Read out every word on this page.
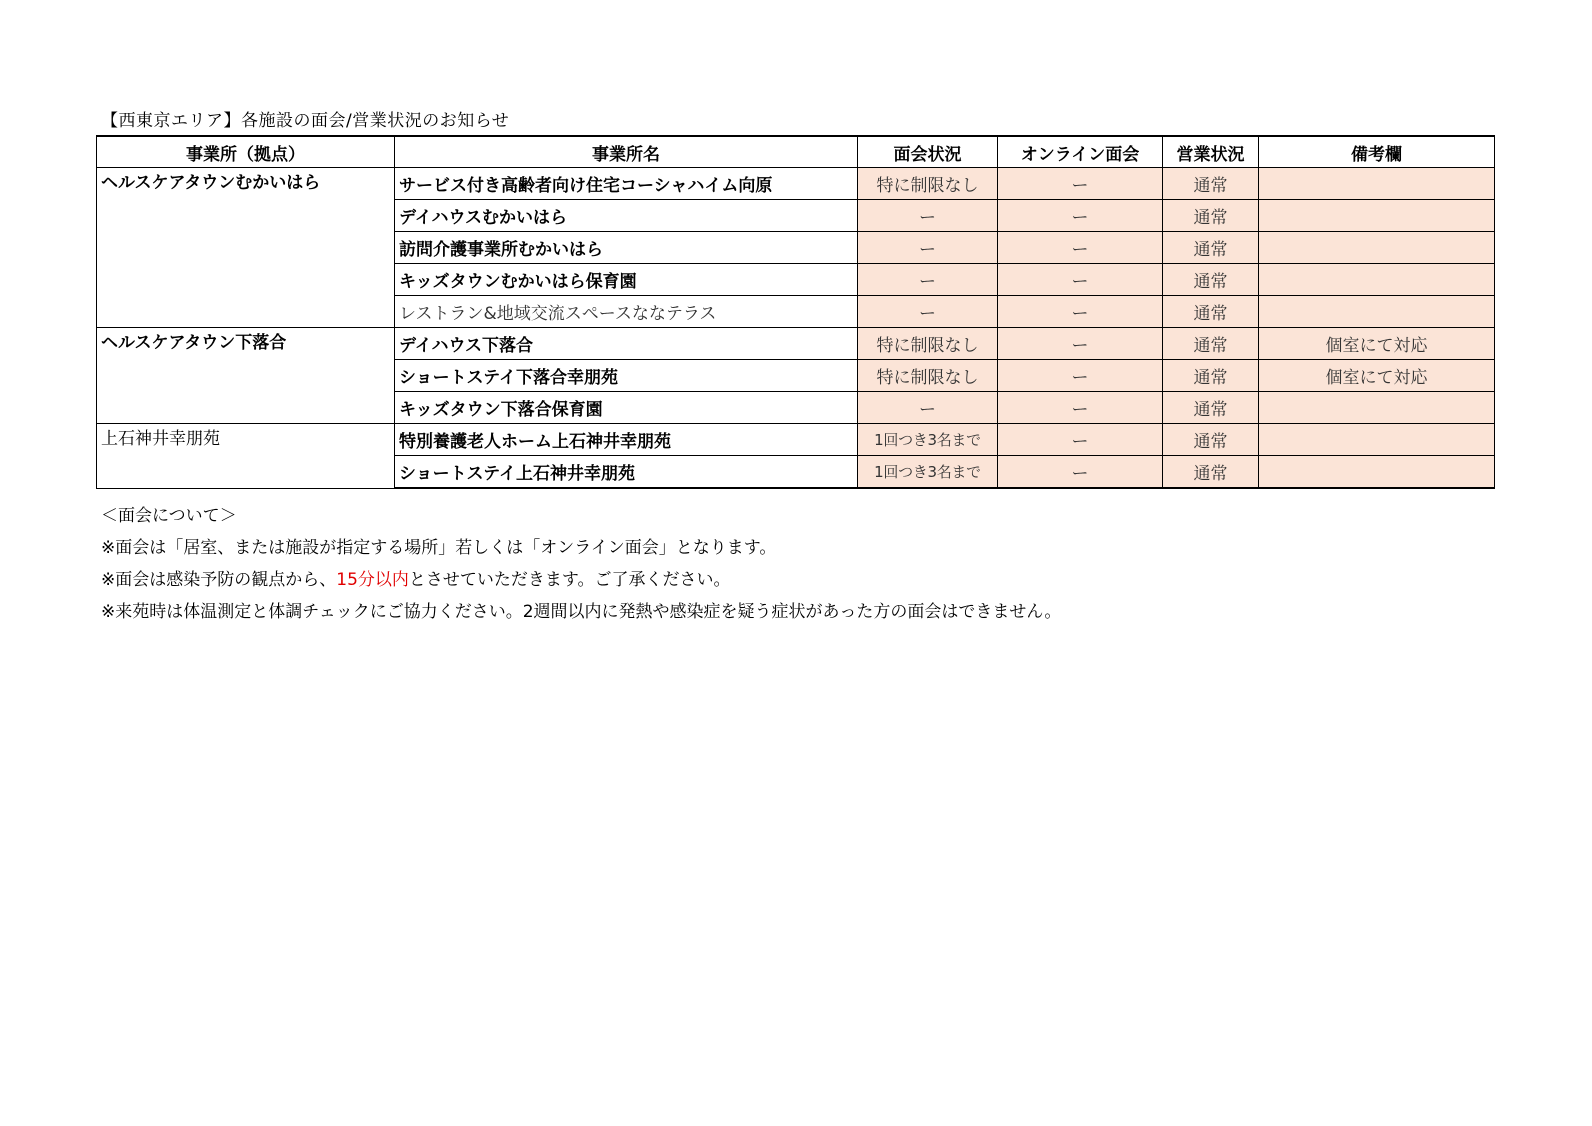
【西東京エリア】各施設の面会/営業状況のお知らせ
事業所（拠点）	事業所名	面会状況	オンライン面会	営業状況	備考欄
ヘルスケアタウンむかいはら	サービス付き高齢者向け住宅コーシャハイム向原	特に制限なし	ー	通常	
	デイハウスむかいはら	ー	ー	通常	
	訪問介護事業所むかいはら	ー	ー	通常	
	キッズタウンむかいはら保育園	ー	ー	通常	
	レストラン&地域交流スペースななテラス	ー	ー	通常	
ヘルスケアタウン下落合	デイハウス下落合	特に制限なし	ー	通常	個室にて対応
	ショートステイ下落合幸朋苑	特に制限なし	ー	通常	個室にて対応
	キッズタウン下落合保育園	ー	ー	通常	
上石神井幸朋苑	特別養護老人ホーム上石神井幸朋苑	1回つき3名まで	ー	通常	
	ショートステイ上石神井幸朋苑	1回つき3名まで	ー	通常	
＜面会について＞
※面会は「居室、または施設が指定する場所」若しくは「オンライン面会」となります。
※面会は感染予防の観点から、15分以内とさせていただきます。ご了承ください。
※来苑時は体温測定と体調チェックにご協力ください。2週間以内に発熱や感染症を疑う症状があった方の面会はできません。
